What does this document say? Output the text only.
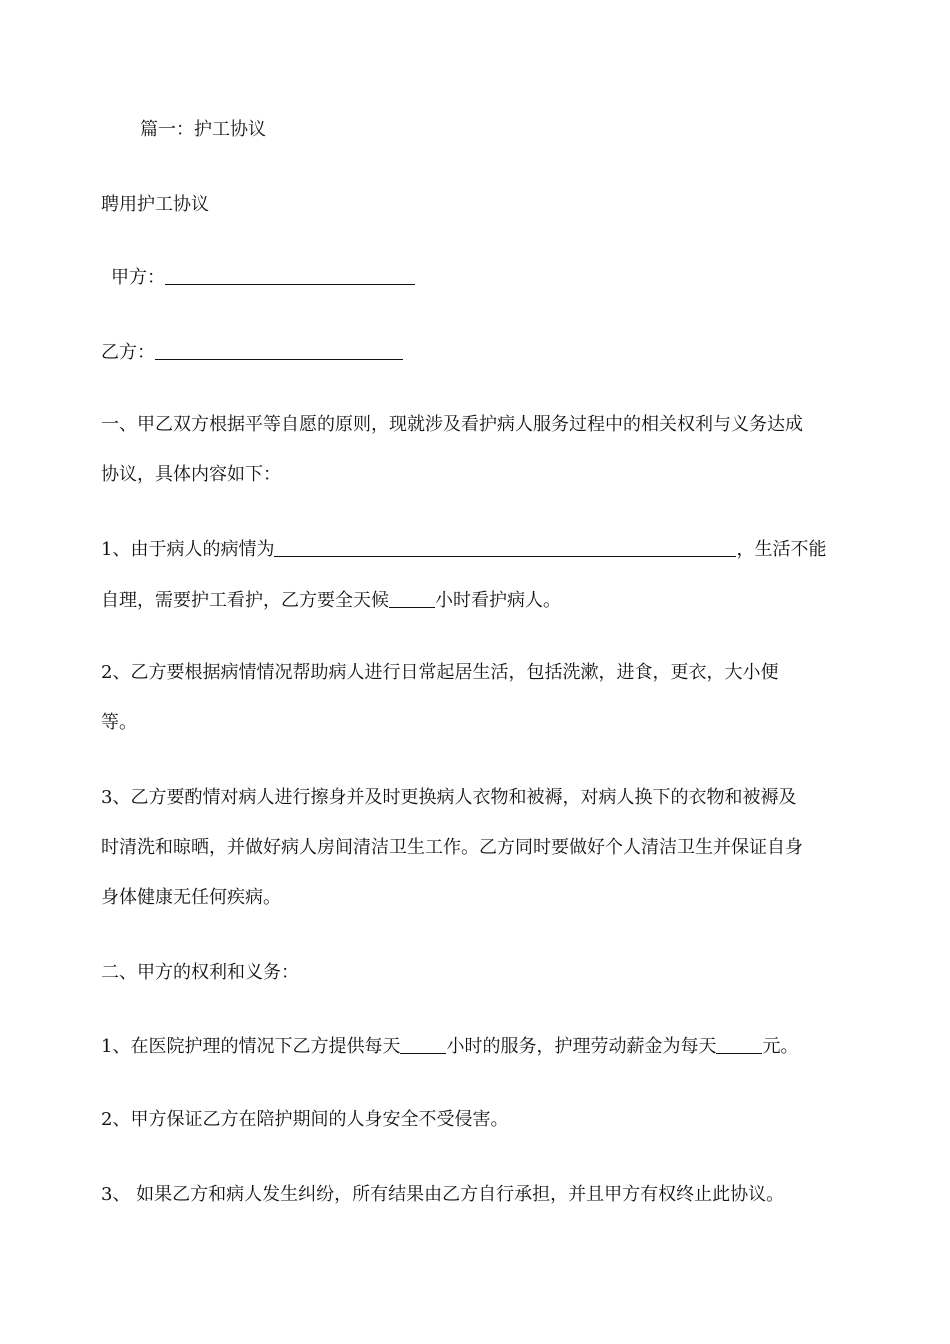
篇一：护工协议
聘用护工协议
甲方：
乙方：
一、甲乙双方根据平等自愿的原则，现就涉及看护病人服务过程中的相关权利与义务达成
协议，具体内容如下：
1、由于病人的病情为	，生活不能
自理，需要护工看护，乙方要全天候	小时看护病人。
2、乙方要根据病情情况帮助病人进行日常起居生活，包括洗漱，进食，更衣，大小便
等。
3、乙方要酌情对病人进行擦身并及时更换病人衣物和被褥，对病人换下的衣物和被褥及
时清洗和晾晒，并做好病人房间清洁卫生工作。乙方同时要做好个人清洁卫生并保证自身
身体健康无任何疾病。
二、甲方的权利和义务：
1、在医院护理的情况下乙方提供每天	小时的服务，护理劳动薪金为每天	元。
2、甲方保证乙方在陪护期间的人身安全不受侵害。
3、 如果乙方和病人发生纠纷，所有结果由乙方自行承担，并且甲方有权终止此协议。
